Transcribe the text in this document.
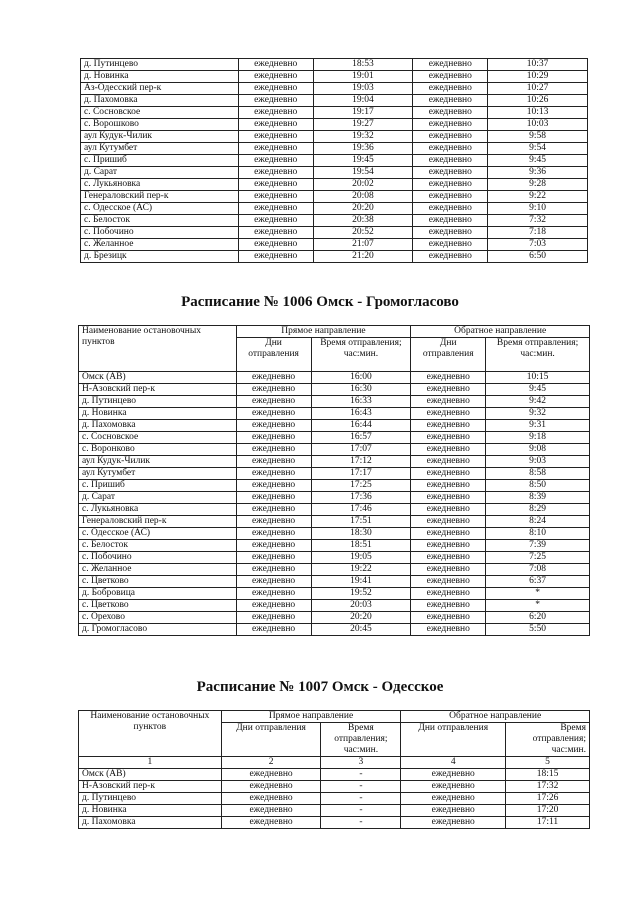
д. Путинцево	ежедневно	18:53	ежедневно	10:37
д. Новинка	ежедневно	19:01	ежедневно	10:29
Аз-Одесский пер-к	ежедневно	19:03	ежедневно	10:27
д. Пахомовка	ежедневно	19:04	ежедневно	10:26
с. Сосновское	ежедневно	19:17	ежедневно	10:13
с. Ворошково	ежедневно	19:27	ежедневно	10:03
аул Кудук-Чилик	ежедневно	19:32	ежедневно	9:58
аул Кутумбет	ежедневно	19:36	ежедневно	9:54
с. Пришиб	ежедневно	19:45	ежедневно	9:45
д. Сарат	ежедневно	19:54	ежедневно	9:36
с. Лукьяновка	ежедневно	20:02	ежедневно	9:28
Генераловский пер-к	ежедневно	20:08	ежедневно	9:22
с. Одесское (АС)	ежедневно	20:20	ежедневно	9:10
с. Белосток	ежедневно	20:38	ежедневно	7:32
с. Побочино	ежедневно	20:52	ежедневно	7:18
с. Желанное	ежедневно	21:07	ежедневно	7:03
д. Брезицк	ежедневно	21:20	ежедневно	6:50
Расписание № 1006 Омск - Громогласово
Наименование остановочных пунктов	Прямое направление		Обратное направление	
	Дни отправления	Время отправления; час:мин.	Дни отправления	Время отправления; час:мин.
Омск (АВ)	ежедневно	16:00	ежедневно	10:15
Н-Азовский пер-к	ежедневно	16:30	ежедневно	9:45
д. Путинцево	ежедневно	16:33	ежедневно	9:42
д. Новинка	ежедневно	16:43	ежедневно	9:32
д. Пахомовка	ежедневно	16:44	ежедневно	9:31
с. Сосновское	ежедневно	16:57	ежедневно	9:18
с. Воронково	ежедневно	17:07	ежедневно	9:08
аул Кудук-Чилик	ежедневно	17:12	ежедневно	9:03
аул Кутумбет	ежедневно	17:17	ежедневно	8:58
с. Пришиб	ежедневно	17:25	ежедневно	8:50
д. Сарат	ежедневно	17:36	ежедневно	8:39
с. Лукьяновка	ежедневно	17:46	ежедневно	8:29
Генераловский пер-к	ежедневно	17:51	ежедневно	8:24
с. Одесское (АС)	ежедневно	18:30	ежедневно	8:10
с. Белосток	ежедневно	18:51	ежедневно	7:39
с. Побочино	ежедневно	19:05	ежедневно	7:25
с. Желанное	ежедневно	19:22	ежедневно	7:08
с. Цветково	ежедневно	19:41	ежедневно	6:37
д. Бобровица	ежедневно	19:52	ежедневно	*
с. Цветково	ежедневно	20:03	ежедневно	*
с. Орехово	ежедневно	20:20	ежедневно	6:20
д. Громогласово	ежедневно	20:45	ежедневно	5:50
Расписание № 1007 Омск - Одесское
Наименование остановочных пунктов	Прямое направление		Обратное направление	
	Дни отправления	Время отправления; час:мин.	Дни отправления	Время отправления; час:мин.
1	2	3	4	5
Омск (АВ)	ежедневно	-	ежедневно	18:15
Н-Азовский пер-к	ежедневно	-	ежедневно	17:32
д. Путинцево	ежедневно	-	ежедневно	17:26
д. Новинка	ежедневно	-	ежедневно	17:20
д. Пахомовка	ежедневно	-	ежедневно	17:11
